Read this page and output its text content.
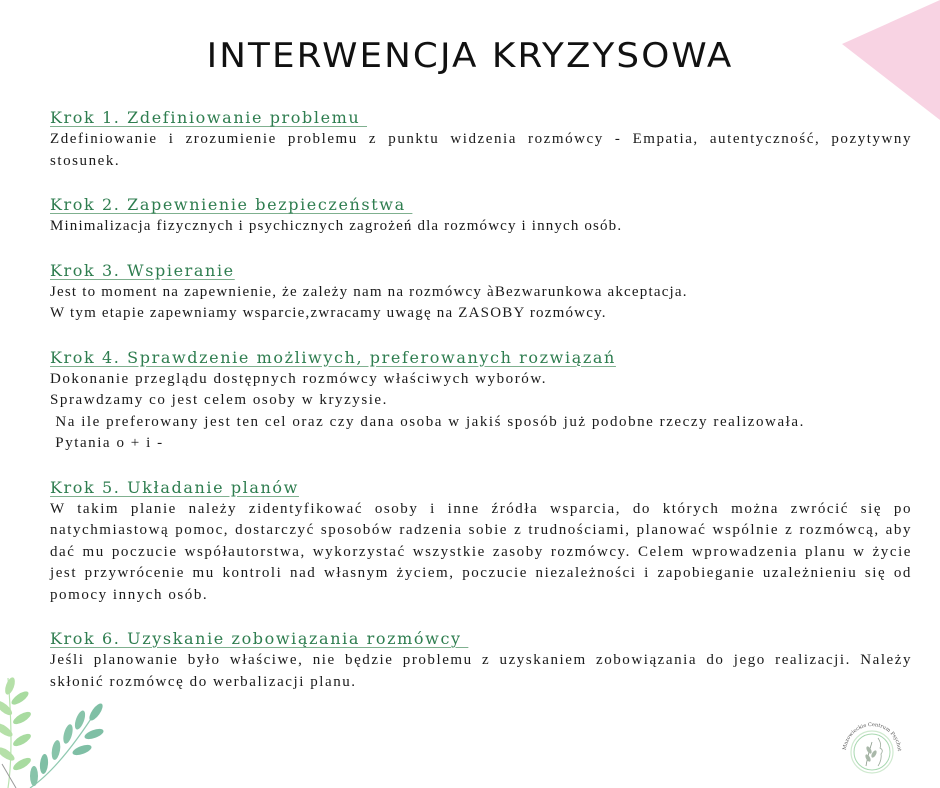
INTERWENCJA KRYZYSOWA
Krok 1. Zdefiniowanie problemu

Zdefiniowanie i zrozumienie problemu z punktu widzenia rozmówcy - Empatia, autentyczność, pozytywny stosunek.

Krok 2. Zapewnienie bezpieczeństwa

Minimalizacja fizycznych i psychicznych zagrożeń dla rozmówcy i innych osób.

Krok 3. Wspieranie

Jest to moment na zapewnienie, że zależy nam na rozmówcy àBezwarunkowa akceptacja.

W tym etapie zapewniamy wsparcie,zwracamy uwagę na ZASOBY rozmówcy.

Krok 4. Sprawdzenie możliwych, preferowanych rozwiązań

Dokonanie przeglądu dostępnych rozmówcy właściwych wyborów.

Sprawdzamy co jest celem osoby w kryzysie.

Na ile preferowany jest ten cel oraz czy dana osoba w jakiś sposób już podobne rzeczy realizowała.

Pytania o + i -

Krok 5. Układanie planów

W takim planie należy zidentyfikować osoby i inne źródła wsparcia, do których można zwrócić się po natychmiastową pomoc, dostarczyć sposobów radzenia sobie z trudnościami, planować wspólnie z rozmówcą, aby dać mu poczucie współautorstwa, wykorzystać wszystkie zasoby rozmówcy. Celem wprowadzenia planu w życie jest przywrócenie mu kontroli nad własnym życiem, poczucie niezależności i zapobieganie uzależnieniu się od pomocy innych osób.

Krok 6. Uzyskanie zobowiązania rozmówcy

Jeśli planowanie było właściwe, nie będzie problemu z uzyskaniem zobowiązania do jego realizacji. Należy skłonić rozmówcę do werbalizacji planu.

Mazowieckie Centrum Psychot
